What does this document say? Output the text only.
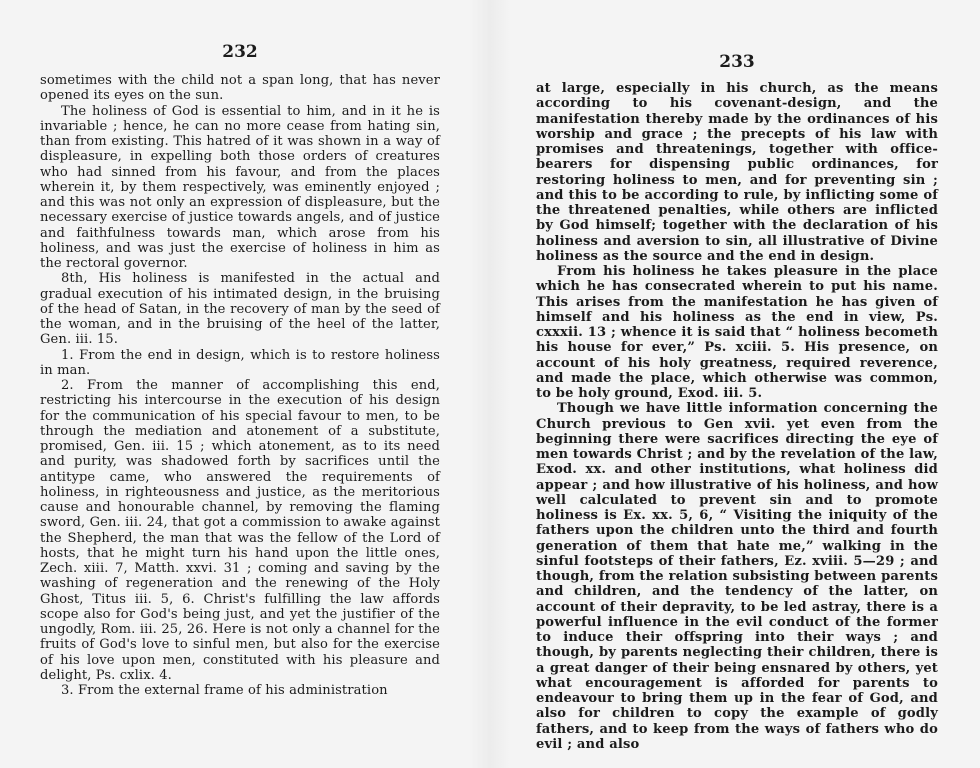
232

sometimes with the child not a span long, that has never opened its eyes on the sun.

The holiness of God is essential to him, and in it he is invariable ; hence, he can no more cease from hating sin, than from existing. This hatred of it was shown in a way of displeasure, in expelling both those orders of creatures who had sinned from his favour, and from the places wherein it, by them respectively, was eminently enjoyed ; and this was not only an expression of displeasure, but the necessary exercise of justice towards angels, and of justice and faithfulness towards man, which arose from his holiness, and was just the exercise of holiness in him as the rectoral governor.

8th, His holiness is manifested in the actual and gradual execution of his intimated design, in the bruising of the head of Satan, in the recovery of man by the seed of the woman, and in the bruising of the heel of the latter, Gen. iii. 15.

1. From the end in design, which is to restore holiness in man.

2. From the manner of accomplishing this end, restricting his intercourse in the execution of his design for the communication of his special favour to men, to be through the mediation and atonement of a substitute, promised, Gen. iii. 15 ; which atonement, as to its need and purity, was shadowed forth by sacrifices until the antitype came, who answered the requirements of holiness, in righteousness and justice, as the meritorious cause and honourable channel, by removing the flaming sword, Gen. iii. 24, that got a commission to awake against the Shepherd, the man that was the fellow of the Lord of hosts, that he might turn his hand upon the little ones, Zech. xiii. 7, Matth. xxvi. 31 ; coming and saving by the washing of regeneration and the renewing of the Holy Ghost, Titus iii. 5, 6. Christ's fulfilling the law affords scope also for God's being just, and yet the justifier of the ungodly, Rom. iii. 25, 26. Here is not only a channel for the fruits of God's love to sinful men, but also for the exercise of his love upon men, constituted with his pleasure and delight, Ps. cxlix. 4.

3. From the external frame of his administration

233

at large, especially in his church, as the means according to his covenant-design, and the manifestation thereby made by the ordinances of his worship and grace ; the precepts of his law with promises and threatenings, together with office-bearers for dispensing public ordinances, for restoring holiness to men, and for preventing sin ; and this to be according to rule, by inflicting some of the threatened penalties, while others are inflicted by God himself; together with the declaration of his holiness and aversion to sin, all illustrative of Divine holiness as the source and the end in design.

From his holiness he takes pleasure in the place which he has consecrated wherein to put his name. This arises from the manifestation he has given of himself and his holiness as the end in view, Ps. cxxxii. 13 ; whence it is said that “ holiness becometh his house for ever,” Ps. xciii. 5. His presence, on account of his holy greatness, required reverence, and made the place, which otherwise was common, to be holy ground, Exod. iii. 5.

Though we have little information concerning the Church previous to Gen xvii. yet even from the beginning there were sacrifices directing the eye of men towards Christ ; and by the revelation of the law, Exod. xx. and other institutions, what holiness did appear ; and how illustrative of his holiness, and how well calculated to prevent sin and to promote holiness is Ex. xx. 5, 6, “ Visiting the iniquity of the fathers upon the children unto the third and fourth generation of them that hate me,” walking in the sinful footsteps of their fathers, Ez. xviii. 5—29 ; and though, from the relation subsisting between parents and children, and the tendency of the latter, on account of their depravity, to be led astray, there is a powerful influence in the evil conduct of the former to induce their offspring into their ways ; and though, by parents neglecting their children, there is a great danger of their being ensnared by others, yet what encouragement is afforded for parents to endeavour to bring them up in the fear of God, and also for children to copy the example of godly fathers, and to keep from the ways of fathers who do evil ; and also
